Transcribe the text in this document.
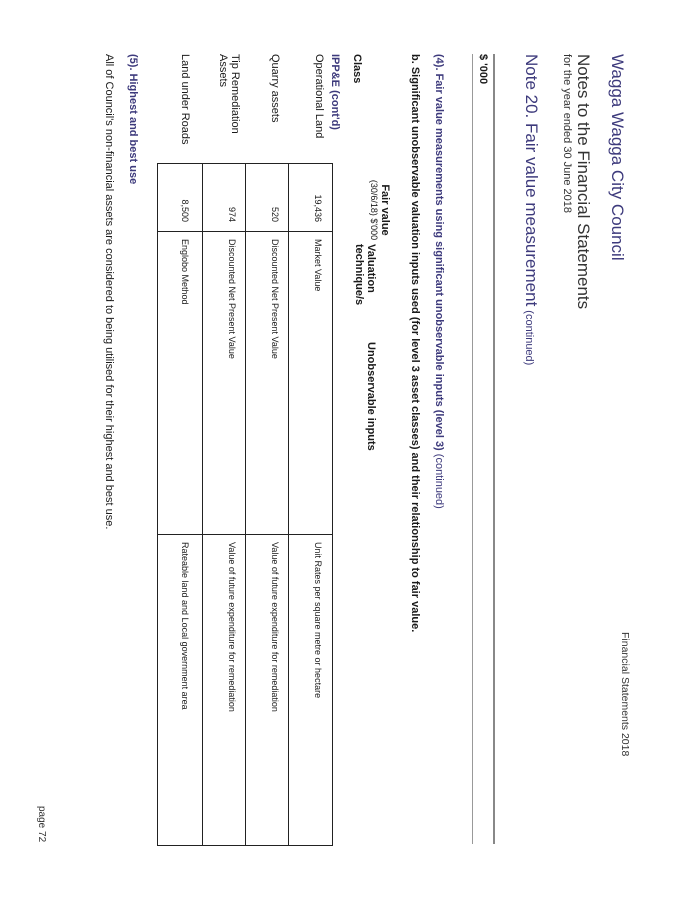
Wagga Wagga City Council
Financial Statements 2018
Notes to the Financial Statements
for the year ended 30 June 2018
Note 20. Fair value measurement(continued)
$ '000
(4). Fair value measurements using significant unobservable inputs (level 3) (continued)
b. Significant unobservable valuation inputs used (for level 3 asset classes) and their relationship to fair value.
Class
Fair value
(30/6/18) $'000
Valuation technique/s
Unobservable inputs
IPP&E (cont'd)
Operational Land
Quarry assets
Tip Remediation Assets
Land under Roads
19,436
Market Value
Unit Rates per square metre or hectare
520
Discounted Net Present Value
Value of future expenditure for remediation
974
Discounted Net Present Value
Value of future expenditure for remediation
8,500
Englobo Method
Rateable land and Local government area
(5). Highest and best use
All of Council's non-financial assets are considered to being utilised for their highest and best use.
page 72
